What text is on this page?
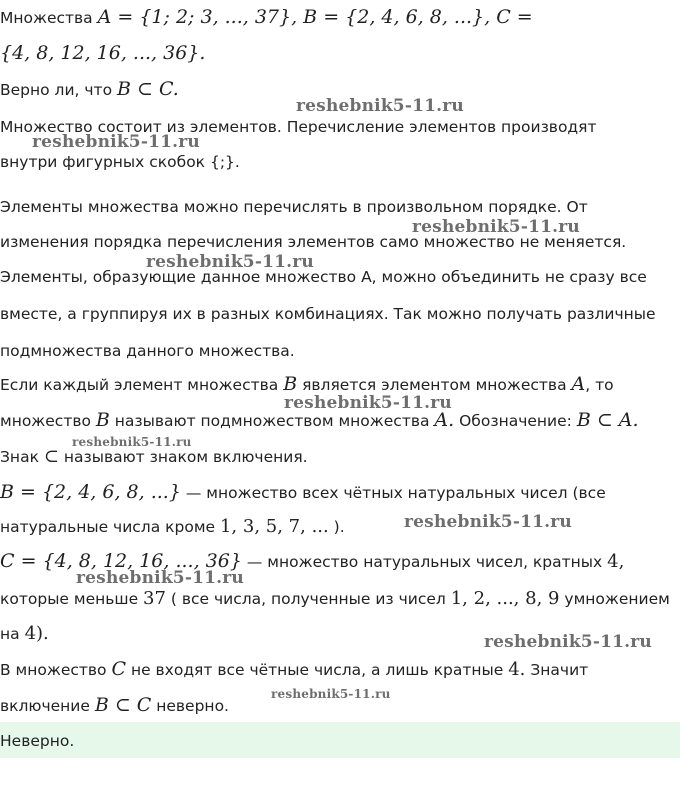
Множества A = {1; 2; 3, ..., 37}, B = {2, 4, 6, 8, ...}, C =
{4, 8, 12, 16, ..., 36}.
Верно ли, что B ⊂ C.
Множество состоит из элементов. Перечисление элементов производят
внутри фигурных скобок {;}.
Элементы множества можно перечислять в произвольном порядке. От
изменения порядка перечисления элементов само множество не меняется.
Элементы, образующие данное множество A, можно объединить не сразу все
вместе, а группируя их в разных комбинациях. Так можно получать различные
подмножества данного множества.
Если каждый элемент множества B является элементом множества A, то
множество B называют подмножеством множества A. Обозначение: B ⊂ A.
Знак ⊂ называют знаком включения.
B = {2, 4, 6, 8, ...} — множество всех чётных натуральных чисел (все
натуральные числа кроме 1, 3, 5, 7, ... ).
C = {4, 8, 12, 16, ..., 36} — множество натуральных чисел, кратных 4,
которые меньше 37 ( все числа, полученные из чисел 1, 2, ..., 8, 9 умножением
на 4).
В множество C не входят все чётные числа, а лишь кратные 4. Значит
включение B ⊂ C неверно.
Неверно.
reshebnik5-11.ru
reshebnik5-11.ru
reshebnik5-11.ru
reshebnik5-11.ru
reshebnik5-11.ru
reshebnik5-11.ru
reshebnik5-11.ru
reshebnik5-11.ru
reshebnik5-11.ru
reshebnik5-11.ru
